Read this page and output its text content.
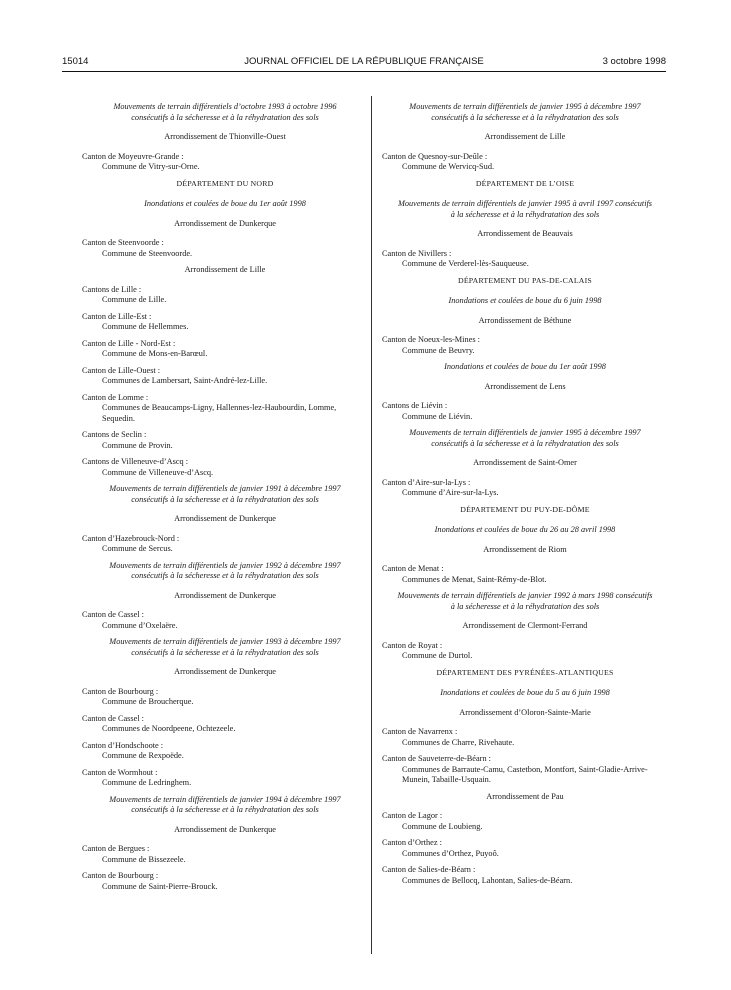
15014	JOURNAL OFFICIEL DE LA RÉPUBLIQUE FRANÇAISE	3 octobre 1998
Mouvements de terrain différentiels d’octobre 1993 à octobre 1996 consécutifs à la sécheresse et à la réhydratation des sols
Arrondissement de Thionville-Ouest
Canton de Moyeuvre-Grande :
Commune de Vitry-sur-Orne.
DÉPARTEMENT DU NORD
Inondations et coulées de boue du 1er août 1998
Arrondissement de Dunkerque
Canton de Steenvoorde :
Commune de Steenvoorde.
Arrondissement de Lille
Cantons de Lille :
Commune de Lille.
Canton de Lille-Est :
Commune de Hellemmes.
Canton de Lille - Nord-Est :
Commune de Mons-en-Barœul.
Canton de Lille-Ouest :
Communes de Lambersart, Saint-André-lez-Lille.
Canton de Lomme :
Communes de Beaucamps-Ligny, Hallennes-lez-Haubourdin, Lomme, Sequedin.
Cantons de Seclin :
Commune de Provin.
Cantons de Villeneuve-d’Ascq :
Commune de Villeneuve-d’Ascq.
Mouvements de terrain différentiels de janvier 1991 à décembre 1997 consécutifs à la sécheresse et à la réhydratation des sols
Arrondissement de Dunkerque
Canton d’Hazebrouck-Nord :
Commune de Sercus.
Mouvements de terrain différentiels de janvier 1992 à décembre 1997 consécutifs à la sécheresse et à la réhydratation des sols
Arrondissement de Dunkerque
Canton de Cassel :
Commune d’Oxelaëre.
Mouvements de terrain différentiels de janvier 1993 à décembre 1997 consécutifs à la sécheresse et à la réhydratation des sols
Arrondissement de Dunkerque
Canton de Bourbourg :
Commune de Broucherque.
Canton de Cassel :
Communes de Noordpeene, Ochtezeele.
Canton d’Hondschoote :
Commune de Rexpoëde.
Canton de Wormhout :
Commune de Ledringhem.
Mouvements de terrain différentiels de janvier 1994 à décembre 1997 consécutifs à la sécheresse et à la réhydratation des sols
Arrondissement de Dunkerque
Canton de Bergues :
Commune de Bissezeele.
Canton de Bourbourg :
Commune de Saint-Pierre-Brouck.
Mouvements de terrain différentiels de janvier 1995 à décembre 1997 consécutifs à la sécheresse et à la réhydratation des sols
Arrondissement de Lille
Canton de Quesnoy-sur-Deûle :
Commune de Wervicq-Sud.
DÉPARTEMENT DE L’OISE
Mouvements de terrain différentiels de janvier 1995 à avril 1997 consécutifs à la sécheresse et à la réhydratation des sols
Arrondissement de Beauvais
Canton de Nivillers :
Commune de Verderel-lès-Sauqueuse.
DÉPARTEMENT DU PAS-DE-CALAIS
Inondations et coulées de boue du 6 juin 1998
Arrondissement de Béthune
Canton de Noeux-les-Mines :
Commune de Beuvry.
Inondations et coulées de boue du 1er août 1998
Arrondissement de Lens
Cantons de Liévin :
Commune de Liévin.
Mouvements de terrain différentiels de janvier 1995 à décembre 1997 consécutifs à la sécheresse et à la réhydratation des sols
Arrondissement de Saint-Omer
Canton d’Aire-sur-la-Lys :
Commune d’Aire-sur-la-Lys.
DÉPARTEMENT DU PUY-DE-DÔME
Inondations et coulées de boue du 26 au 28 avril 1998
Arrondissement de Riom
Canton de Menat :
Communes de Menat, Saint-Rémy-de-Blot.
Mouvements de terrain différentiels de janvier 1992 à mars 1998 consécutifs à la sécheresse et à la réhydratation des sols
Arrondissement de Clermont-Ferrand
Canton de Royat :
Commune de Durtol.
DÉPARTEMENT DES PYRÉNÉES-ATLANTIQUES
Inondations et coulées de boue du 5 au 6 juin 1998
Arrondissement d’Oloron-Sainte-Marie
Canton de Navarrenx :
Communes de Charre, Rivehaute.
Canton de Sauveterre-de-Béarn :
Communes de Barraute-Camu, Castetbon, Montfort, Saint-Gladie-Arrive-Munein, Tabaille-Usquain.
Arrondissement de Pau
Canton de Lagor :
Commune de Loubieng.
Canton d’Orthez :
Communes d’Orthez, Puyoô.
Canton de Salies-de-Béarn :
Communes de Bellocq, Lahontan, Salies-de-Béarn.
